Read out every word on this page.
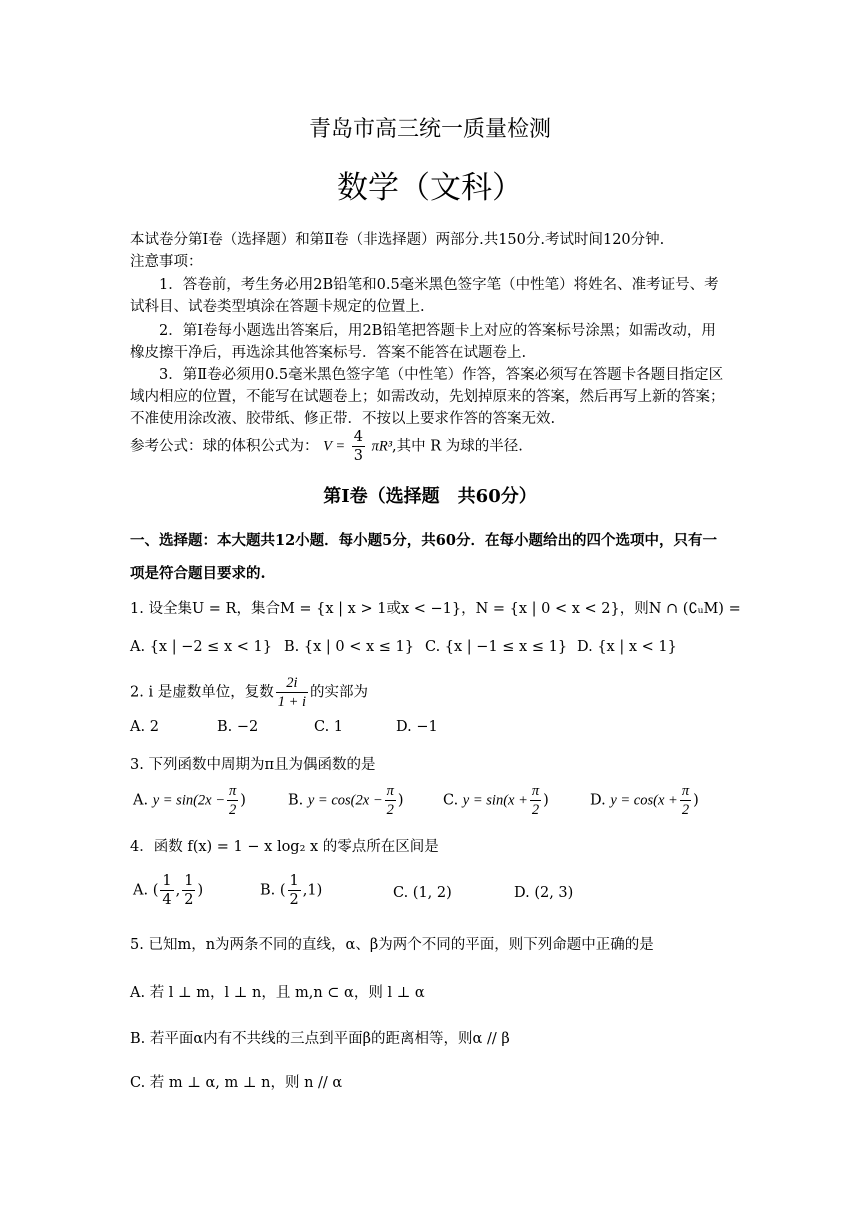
青岛市高三统一质量检测
数学（文科）
本试卷分第Ⅰ卷（选择题）和第Ⅱ卷（非选择题）两部分.共150分.考试时间120分钟.
注意事项：
1．答卷前，考生务必用2B铅笔和0.5毫米黑色签字笔（中性笔）将姓名、准考证号、考试科目、试卷类型填涂在答题卡规定的位置上.
2．第Ⅰ卷每小题选出答案后，用2B铅笔把答题卡上对应的答案标号涂黑；如需改动，用橡皮擦干净后，再选涂其他答案标号．答案不能答在试题卷上.
3．第Ⅱ卷必须用0.5毫米黑色签字笔（中性笔）作答，答案必须写在答题卡各题目指定区域内相应的位置，不能写在试题卷上；如需改动，先划掉原来的答案，然后再写上新的答案；不准使用涂改液、胶带纸、修正带．不按以上要求作答的答案无效.
参考公式：球的体积公式为： $V = \frac{4}{3} \pi R^3$,其中 R 为球的半径.
第Ⅰ卷（选择题　共60分）
一、选择题：本大题共12小题．每小题5分，共60分．在每小题给出的四个选项中，只有一项是符合题目要求的.
1. 设全集U = R，集合M = {x | x > 1或x < −1}，N = {x | 0 < x < 2}，则N ∩ (∁ᵤM) =
A. {x | −2 ≤ x < 1} B. {x | 0 < x ≤ 1} C. {x | −1 ≤ x ≤ 1} D. {x | x < 1}
2. i 是虚数单位，复数 $\frac{2i}{1 + i}$ 的实部为
A. 2	B. −2	C. 1	D. −1
3. 下列函数中周期为π且为偶函数的是
A. $y = \sin(2x - \frac{\pi}{2}$ )	B. $y = \cos(2x - \frac{\pi}{2}$ )	C. $y = \sin(x + \frac{\pi}{2}$ )	D. $y = \cos(x + \frac{\pi}{2}$ )
4．函数 f(x) = 1 − x log₂ x 的零点所在区间是
A. ( $\frac{1}{4}$ , $\frac{1}{2}$ )	B. ( $\frac{1}{2} ,1$)	C. (1, 2)	D. (2, 3)
5. 已知m，n为两条不同的直线，α、β为两个不同的平面，则下列命题中正确的是
A. 若 l ⊥ m，l ⊥ n，且 m,n ⊂ α，则 l ⊥ α
B. 若平面α内有不共线的三点到平面β的距离相等，则α // β
C. 若 m ⊥ α, m ⊥ n，则 n // α
